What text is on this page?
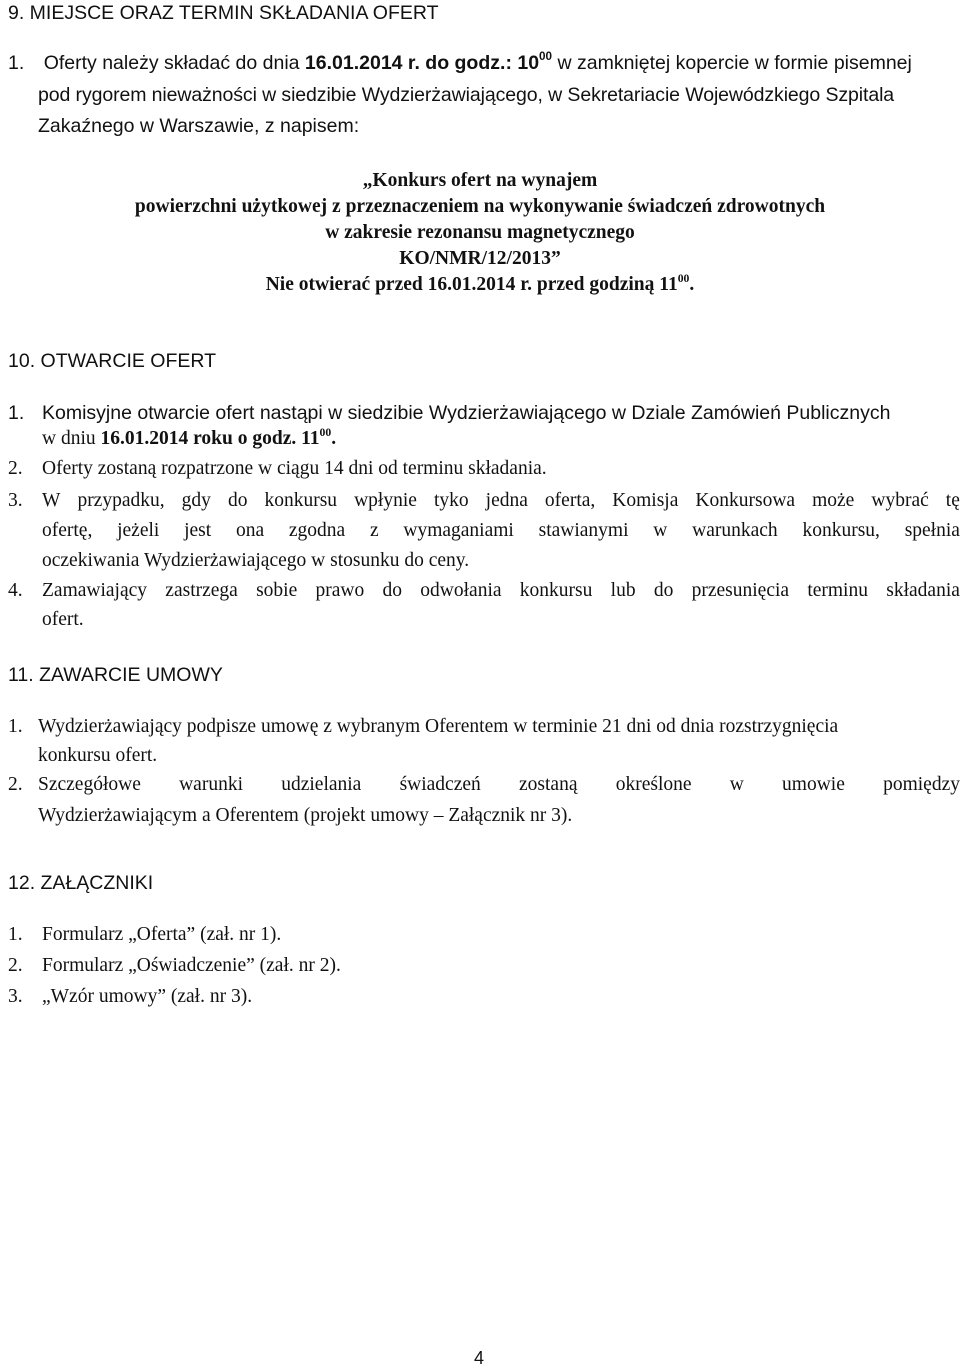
9. MIEJSCE ORAZ TERMIN SKŁADANIA OFERT
1. Oferty należy składać do dnia 16.01.2014 r. do godz.: $10^{00}$ w zamkniętej kopercie w formie pisemnej
pod rygorem nieważności w siedzibie Wydzierżawiającego, w Sekretariacie Wojewódzkiego Szpitala
Zakaźnego w Warszawie, z napisem:
„Konkurs ofert na wynajem
powierzchni użytkowej z przeznaczeniem na wykonywanie świadczeń zdrowotnych
w zakresie rezonansu magnetycznego
KO/NMR/12/2013”
Nie otwierać przed 16.01.2014 r. przed godziną $11^{00}$.
10. OTWARCIE OFERT
1. Komisyjne otwarcie ofert nastąpi w siedzibie Wydzierżawiającego w Dziale Zamówień Publicznych
w dniu 16.01.2014 roku o godz. $11^{00}$.
2. Oferty zostaną rozpatrzone w ciągu 14 dni od terminu składania.
3. W przypadku, gdy do konkursu wpłynie tyko jedna oferta, Komisja Konkursowa może wybrać tę
ofertę, jeżeli jest ona zgodna z wymaganiami stawianymi w warunkach konkursu, spełnia
oczekiwania Wydzierżawiającego w stosunku do ceny.
4. Zamawiający zastrzega sobie prawo do odwołania konkursu lub do przesunięcia terminu składania
ofert.
11. ZAWARCIE UMOWY
1. Wydzierżawiający podpisze umowę z wybranym Oferentem w terminie 21 dni od dnia rozstrzygnięcia
konkursu ofert.
2. Szczegółowe warunki udzielania świadczeń zostaną określone w umowie pomiędzy
Wydzierżawiającym a Oferentem (projekt umowy – Załącznik nr 3).
12. ZAŁĄCZNIKI
1. Formularz „Oferta” (zał. nr 1).
2. Formularz „Oświadczenie” (zał. nr 2).
3. „Wzór umowy” (zał. nr 3).
4
